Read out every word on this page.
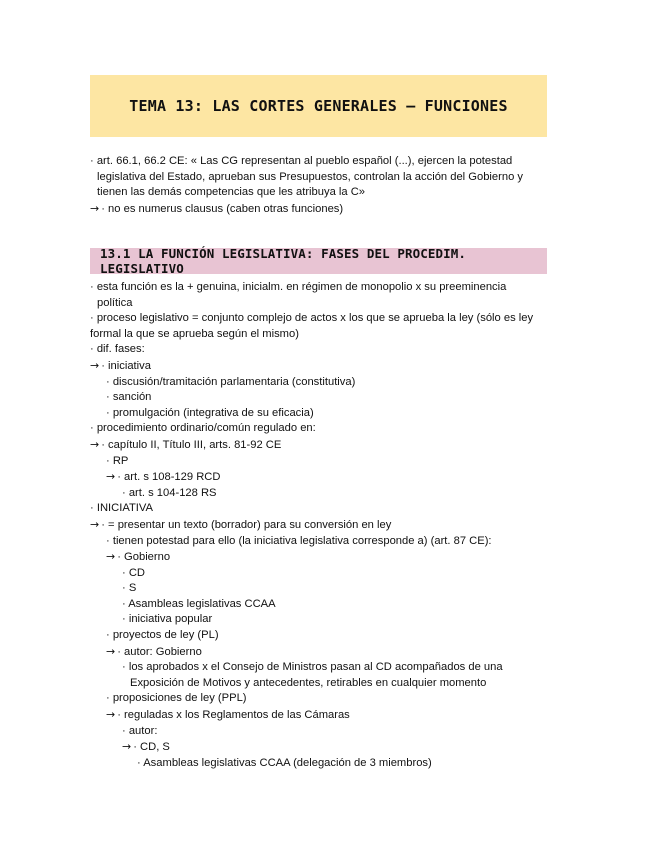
TEMA 13: LAS CORTES GENERALES – FUNCIONES
· art. 66.1, 66.2 CE: « Las CG representan al pueblo español (...), ejercen la potestad
legislativa del Estado, aprueban sus Presupuestos, controlan la acción del Gobierno y
tienen las demás competencias que les atribuya la C»
→ · no es numerus clausus (caben otras funciones)
13.1 LA FUNCIÓN LEGISLATIVA: FASES DEL PROCEDIM. LEGISLATIVO
· esta función es la + genuina, inicialm. en régimen de monopolio x su preeminencia
política
· proceso legislativo = conjunto complejo de actos x los que se aprueba la ley (sólo es ley
formal la que se aprueba según el mismo)
· dif. fases:
→ · iniciativa
· discusión/tramitación parlamentaria (constitutiva)
· sanción
· promulgación (integrativa de su eficacia)
· procedimiento ordinario/común regulado en:
→ · capítulo II, Título III, arts. 81-92 CE
· RP
→ · art. s 108-129 RCD
· art. s 104-128 RS
· INICIATIVA
→ · = presentar un texto (borrador) para su conversión en ley
· tienen potestad para ello (la iniciativa legislativa corresponde a) (art. 87 CE):
→ · Gobierno
· CD
· S
· Asambleas legislativas CCAA
· iniciativa popular
· proyectos de ley (PL)
→ · autor: Gobierno
· los aprobados x el Consejo de Ministros pasan al CD acompañados de una
Exposición de Motivos y antecedentes, retirables en cualquier momento
· proposiciones de ley (PPL)
→ · reguladas x los Reglamentos de las Cámaras
· autor:
→ · CD, S
· Asambleas legislativas CCAA (delegación de 3 miembros)
